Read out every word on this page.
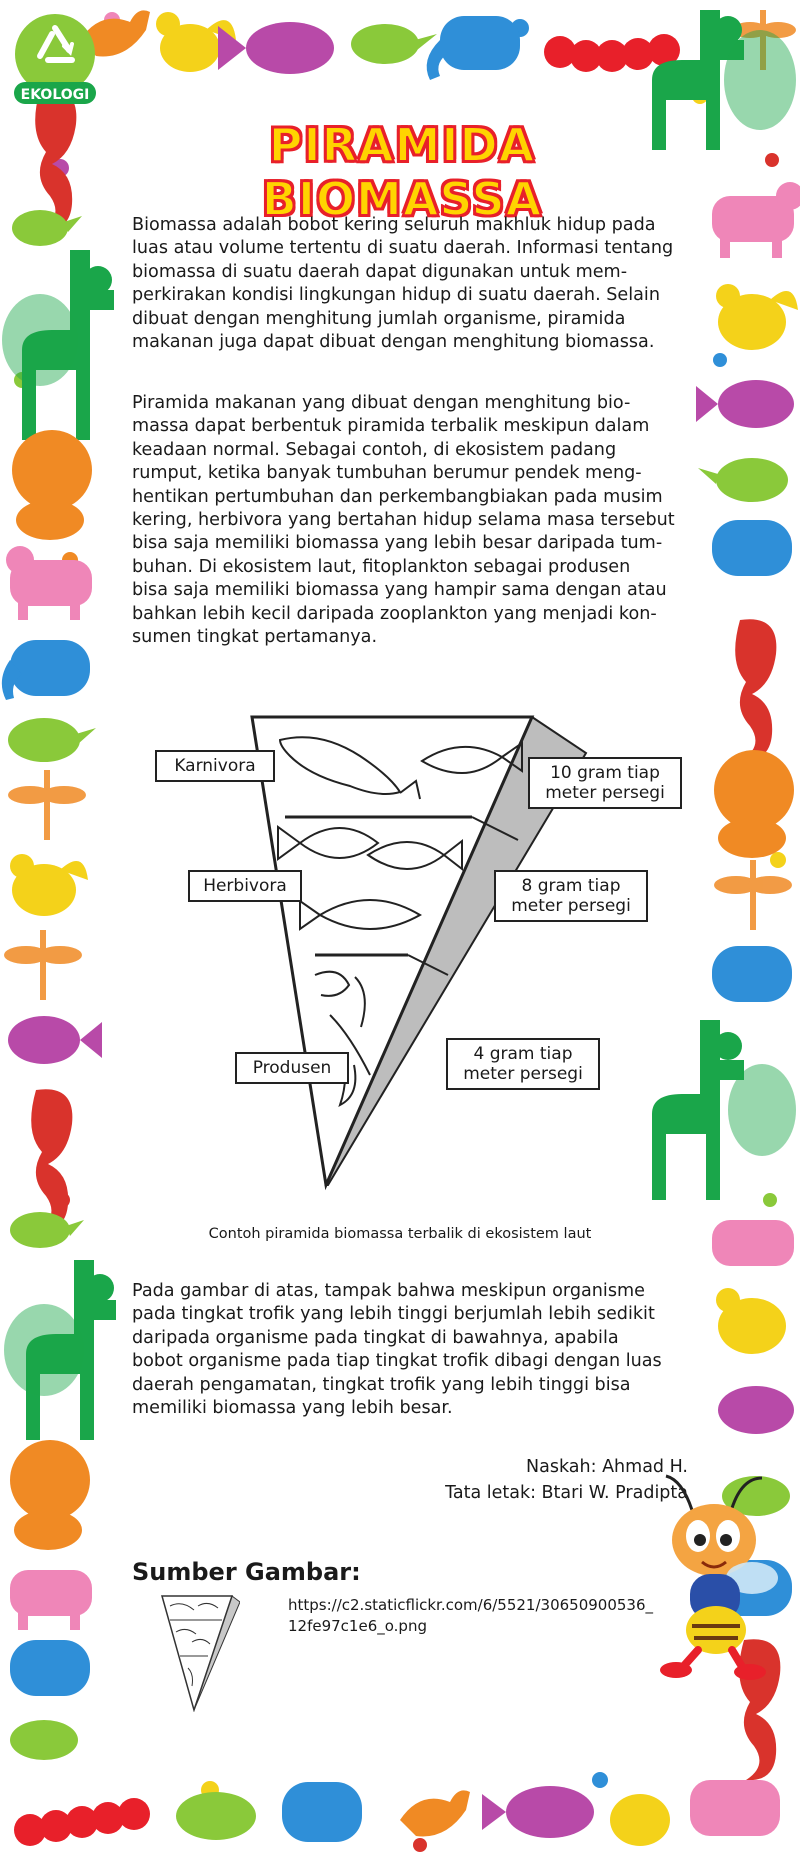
EKOLOGI
PIRAMIDA BIOMASSA
Biomassa adalah bobot kering seluruh makhluk hidup pada
luas atau volume tertentu di suatu daerah. Informasi tentang
biomassa di suatu daerah dapat digunakan untuk mem-
perkirakan kondisi lingkungan hidup di suatu daerah. Selain
dibuat dengan menghitung jumlah organisme, piramida
makanan juga dapat dibuat dengan menghitung biomassa.
Piramida makanan yang dibuat dengan menghitung bio-
massa dapat berbentuk piramida terbalik meskipun dalam
keadaan normal. Sebagai contoh, di ekosistem padang
rumput, ketika banyak tumbuhan berumur pendek meng-
hentikan pertumbuhan dan perkembangbiakan pada musim
kering, herbivora yang bertahan hidup selama masa tersebut
bisa saja memiliki biomassa yang lebih besar daripada tum-
buhan. Di ekosistem laut, fitoplankton sebagai produsen
bisa saja memiliki biomassa yang hampir sama dengan atau
bahkan lebih kecil daripada zooplankton yang menjadi kon-
sumen tingkat pertamanya.
Karnivora
Herbivora
Produsen
10 gram tiap
meter persegi
8 gram tiap
meter persegi
4 gram tiap
meter persegi
Contoh piramida biomassa terbalik di ekosistem laut
Pada gambar di atas, tampak bahwa meskipun organisme
pada tingkat trofik yang lebih tinggi berjumlah lebih sedikit
daripada organisme pada tingkat di bawahnya, apabila
bobot organisme pada tiap tingkat trofik dibagi dengan luas
daerah pengamatan, tingkat trofik yang lebih tinggi bisa
memiliki biomassa yang lebih besar.
Naskah: Ahmad H.
Tata letak: Btari W. Pradipta
Sumber Gambar:
https://c2.staticflickr.com/6/5521/30650900536_
12fe97c1e6_o.png
